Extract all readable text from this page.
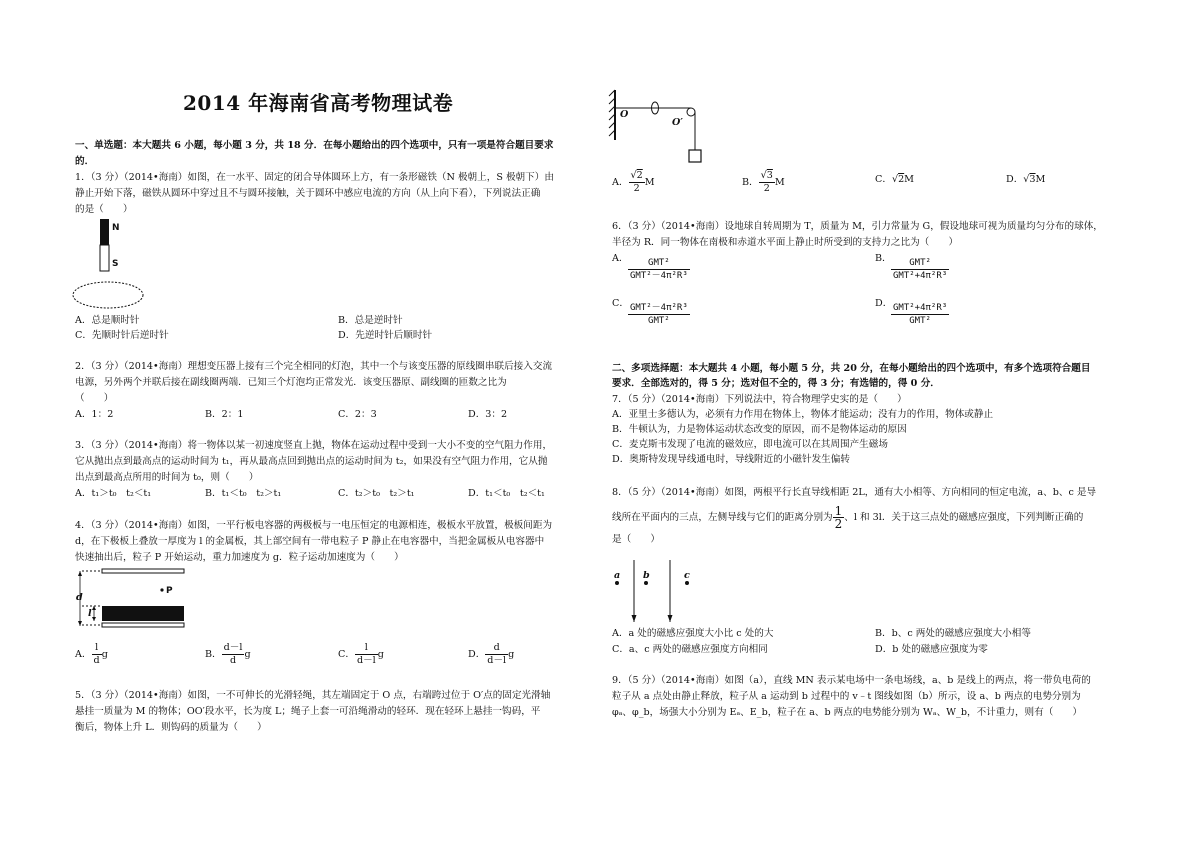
2014 年海南省高考物理试卷
一、单选题：本大题共 6 小题，每小题 3 分，共 18 分．在每小题给出的四个选项中，只有一项是符合题目要求
的．
1．（3 分）（2014•海南）如图，在一水平、固定的闭合导体圆环上方，有一条形磁铁（N 极朝上，S 极朝下）由
静止开始下落，磁铁从圆环中穿过且不与圆环接触，关于圆环中感应电流的方向（从上向下看），下列说法正确
的是（　　）
N
S
A．总是顺时针	B．总是逆时针
C．先顺时针后逆时针	D．先逆时针后顺时针
2．（3 分）（2014•海南）理想变压器上接有三个完全相同的灯泡，其中一个与该变压器的原线圈串联后接入交流
电源，另外两个并联后接在副线圈两端．已知三个灯泡均正常发光．该变压器原、副线圈的匝数之比为
（　　）
A．1：2	B．2：1	C．2：3	D．3：2
3．（3 分）（2014•海南）将一物体以某一初速度竖直上抛，物体在运动过程中受到一大小不变的空气阻力作用，
它从抛出点到最高点的运动时间为 t₁，再从最高点回到抛出点的运动时间为 t₂，如果没有空气阻力作用，它从抛
出点到最高点所用的时间为 t₀，则（　　）
A．t₁＞t₀　t₂＜t₁	B．t₁＜t₀　t₂＞t₁	C．t₂＞t₀　t₂＞t₁	D．t₁＜t₀　t₂＜t₁
4．（3 分）（2014•海南）如图，一平行板电容器的两极板与一电压恒定的电源相连，极板水平放置，极板间距为
d，在下极板上叠放一厚度为 l 的金属板，其上部空间有一带电粒子 P 静止在电容器中，当把金属板从电容器中
快速抽出后，粒子 P 开始运动，重力加速度为 g．粒子运动加速度为（　　）
d
l
P
A． $\frac{l}{d}$ g	B． $\frac{d-l}{d}$ g	C． $\frac{l}{d-l}$ g	D． $\frac{d}{d-l}$ g
5．（3 分）（2014•海南）如图，一不可伸长的光滑轻绳，其左端固定于 O 点，右端跨过位于 O′点的固定光滑轴
悬挂一质量为 M 的物体；OO′段水平，长为度 L；绳子上套一可沿绳滑动的轻环．现在轻环上悬挂一钩码，平
衡后，物体上升 L．则钩码的质量为（　　）
O
O′
A． $\frac{√2}{2}$ M	B． $\frac{√3}{2}$ M	C．√2M	D．√3M
6．（3 分）（2014•海南）设地球自转周期为 T，质量为 M，引力常量为 G，假设地球可视为质量均匀分布的球体，
半径为 R．同一物体在南极和赤道水平面上静止时所受到的支持力之比为（　　）
A．	GMT²
GMT²－4π²R³
B．	GMT²
GMT²+4π²R³
C． GMT²－4π²R³
GMT²
D． GMT²+4π²R³
GMT²
二、多项选择题：本大题共 4 小题，每小题 5 分，共 20 分，在每小题给出的四个选项中，有多个选项符合题目
要求．全部选对的，得 5 分；选对但不全的，得 3 分；有选错的，得 0 分．
7．（5 分）（2014•海南）下列说法中，符合物理学史实的是（　　）
A．亚里士多德认为，必须有力作用在物体上，物体才能运动；没有力的作用，物体或静止
B．牛顿认为，力是物体运动状态改变的原因，而不是物体运动的原因
C．麦克斯韦发现了电流的磁效应，即电流可以在其周围产生磁场
D．奥斯特发现导线通电时，导线附近的小磁针发生偏转
8．（5 分）（2014•海南）如图，两根平行长直导线相距 2L，通有大小相等、方向相同的恒定电流，a、b、c 是导
线所在平面内的三点，左侧导线与它们的距离分别为 $\frac{1}{2}$ 、l 和 3l．关于这三点处的磁感应强度，下列判断正确的
是（　　）
a b	c
A．a 处的磁感应强度大小比 c 处的大	B．b、c 两处的磁感应强度大小相等
C．a、c 两处的磁感应强度方向相同	D．b 处的磁感应强度为零
9．（5 分）（2014•海南）如图（a），直线 MN 表示某电场中一条电场线，a、b 是线上的两点，将一带负电荷的
粒子从 a 点处由静止释放，粒子从 a 运动到 b 过程中的 v﹣t 图线如图（b）所示，设 a、b 两点的电势分别为
φₐ、φ_b，场强大小分别为 Eₐ、E_b，粒子在 a、b 两点的电势能分别为 Wₐ、W_b，不计重力，则有（　　）
